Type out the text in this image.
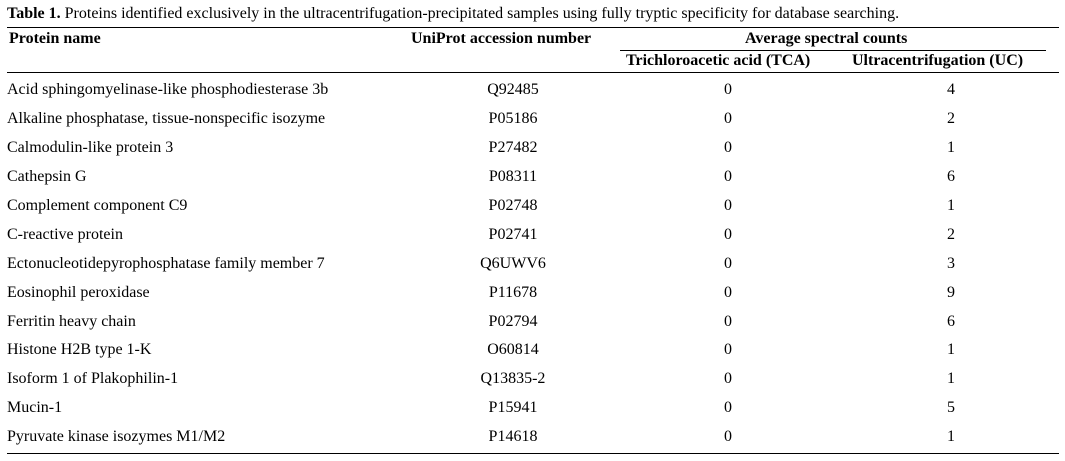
Table 1. Proteins identified exclusively in the ultracentrifugation-precipitated samples using fully tryptic specificity for database searching.
Protein name	UniProt accession number	Average spectral counts
Trichloroacetic acid (TCA)	Ultracentrifugation (UC)
Acid sphingomyelinase-like phosphodiesterase 3b	Q92485	0	4
Alkaline phosphatase, tissue-nonspecific isozyme	P05186	0	2
Calmodulin-like protein 3	P27482	0	1
Cathepsin G	P08311	0	6
Complement component C9	P02748	0	1
C-reactive protein	P02741	0	2
Ectonucleotidepyrophosphatase family member 7	Q6UWV6	0	3
Eosinophil peroxidase	P11678	0	9
Ferritin heavy chain	P02794	0	6
Histone H2B type 1-K	O60814	0	1
Isoform 1 of Plakophilin-1	Q13835-2	0	1
Mucin-1	P15941	0	5
Pyruvate kinase isozymes M1/M2	P14618	0	1
